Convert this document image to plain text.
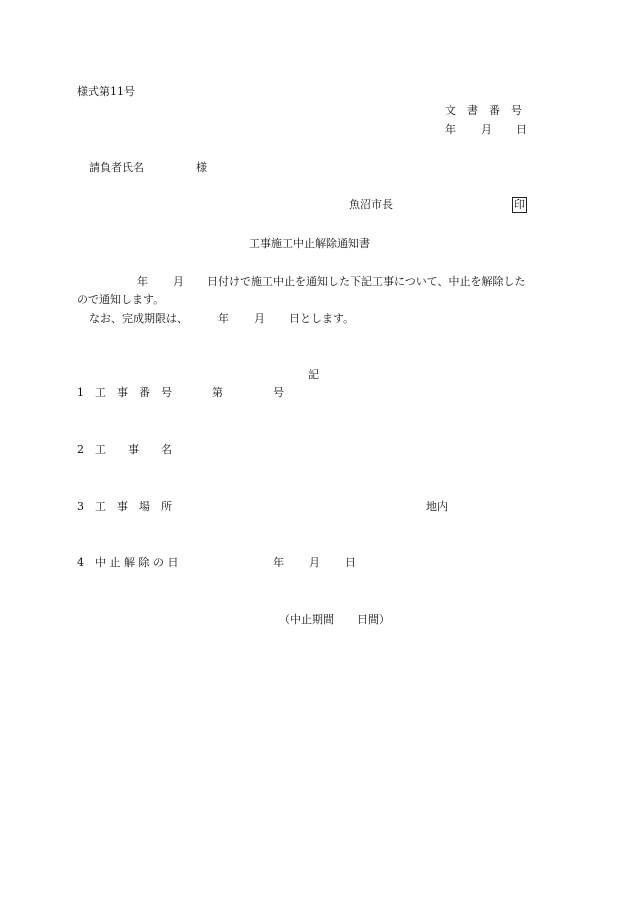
様式第11号
文　書　番　号
年 月 日
請負者氏名	様
魚沼市長	印
工事施工中止解除通知書
年 月 日付けで施工中止を通知した下記工事について、中止を解除した
ので通知します。
なお、完成期限は、	年 月 日とします。
記
1 工　事　番　号	第	号
2 工　　事　　名
3 工　事　場　所	地内
4 中 止 解 除 の 日	年 月 日
（中止期間 日間）
